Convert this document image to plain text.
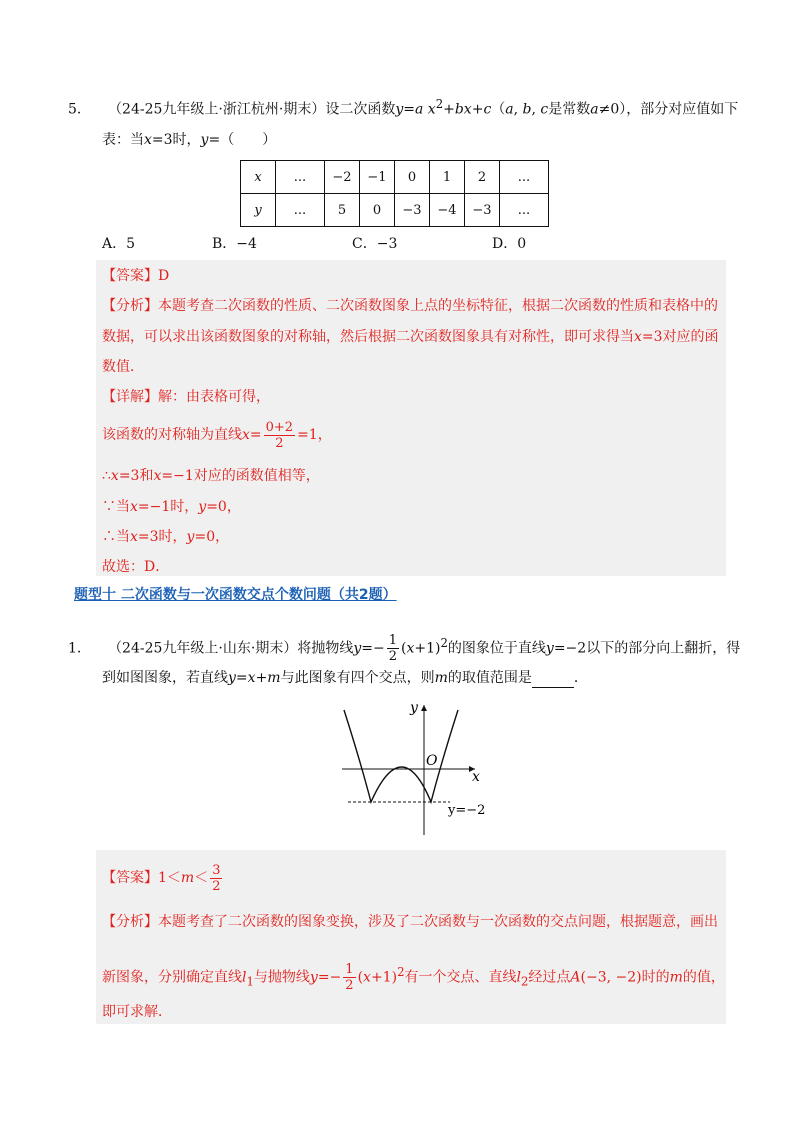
5. （24-25九年级上·浙江杭州·期末）设二次函数y=a $x^2+bx+c(a$, b, c是常数a≠0），部分对应值如下
表：当x=3时，y=（　　）
x	...	−2	−1	0	1	2	...
y	...	5	0	−3	−4	−3	...
A．5	B．−4	C．−3	D．0
【答案】D
【分析】本题考查二次函数的性质、二次函数图象上点的坐标特征，根据二次函数的性质和表格中的
数据，可以求出该函数图象的对称轴，然后根据二次函数图象具有对称性，即可求得当x=3对应的函
数值．
【详解】解：由表格可得，
该函数的对称轴为直线$x= \frac{0+2}{2} =1$，
∴x=3和x=−1对应的函数值相等，
∵当x=−1时，y=0，
∴当x=3时，y=0，
故选：D．
题型十 二次函数与一次函数交点个数问题（共2题）
1. （24-25九年级上·山东·期末）将抛物线$y=- \frac{1}{2} (x+1)^2$的图象位于直线y=−2以下的部分向上翻折，得
到如图图象，若直线y=x+m与此图象有四个交点，则m的取值范围是	．
y
x
O
y=−2
【答案】$1<m< \frac{3}{2}$
【分析】本题考查了二次函数的图象变换，涉及了二次函数与一次函数的交点问题，根据题意，画出
新图象，分别确定直线$l_1$与抛物线$y=- \frac{1}{2} (x+1)^2$有一个交点、直线$l_2$经过点A(−3, −2)时的m的值，
即可求解．
